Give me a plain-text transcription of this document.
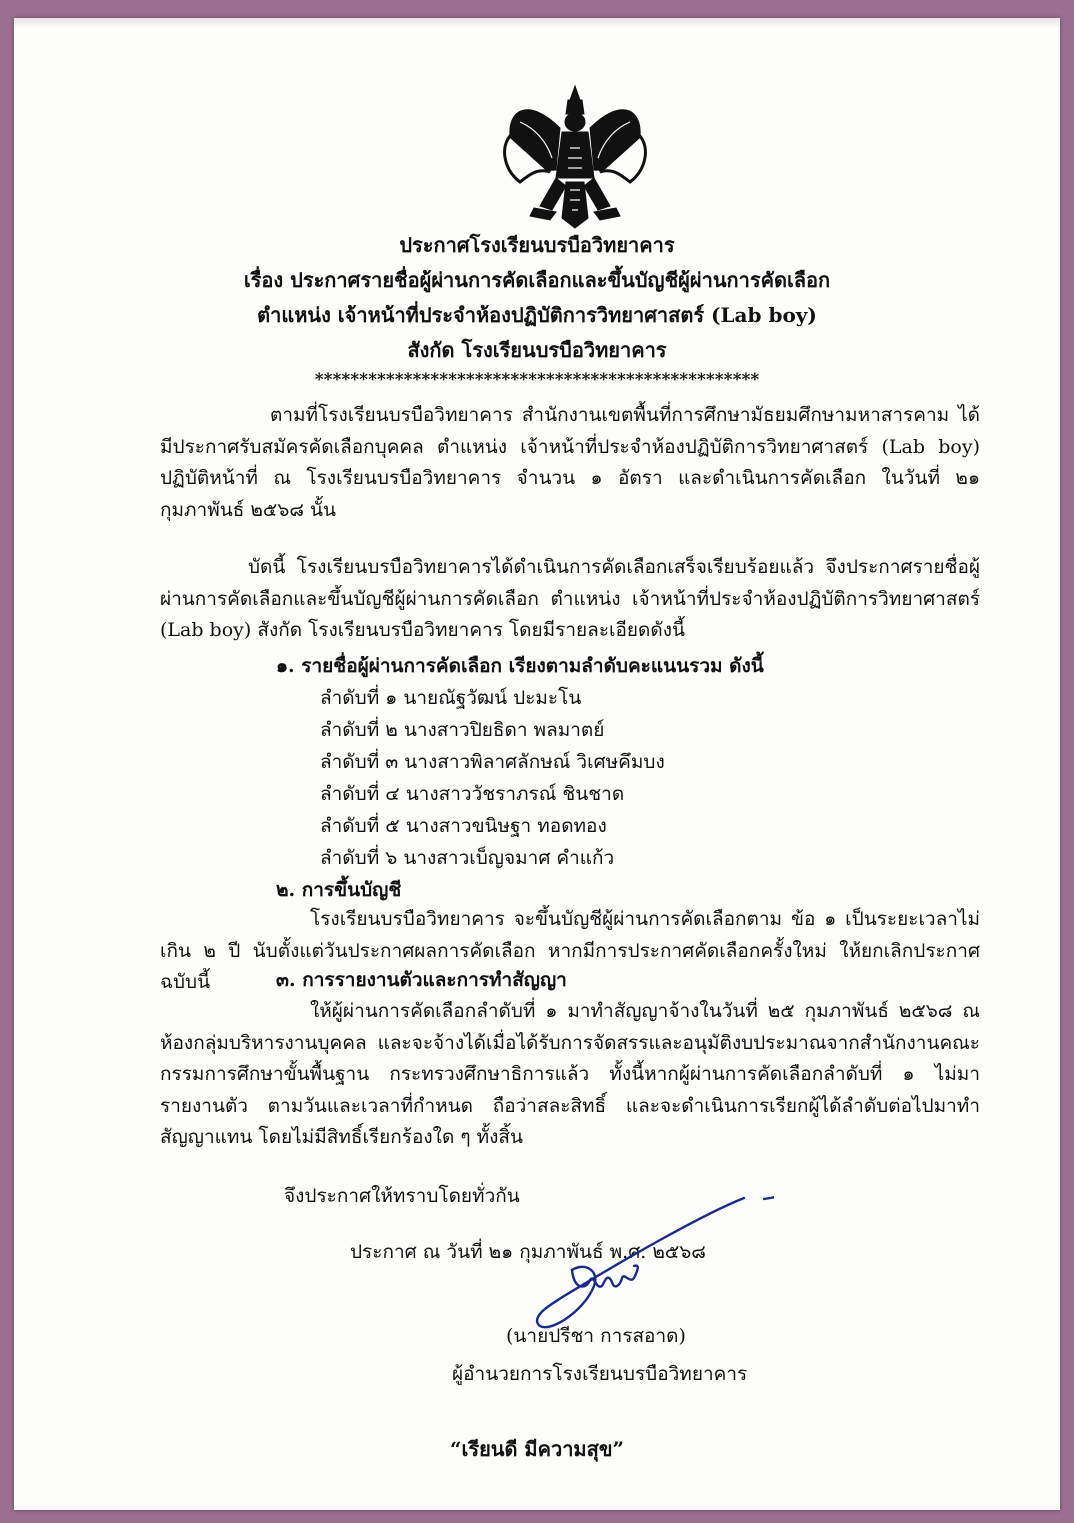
ประกาศโรงเรียนบรบือวิทยาคาร
เรื่อง ประกาศรายชื่อผู้ผ่านการคัดเลือกและขึ้นบัญชีผู้ผ่านการคัดเลือก
ตำแหน่ง เจ้าหน้าที่ประจำห้องปฏิบัติการวิทยาศาสตร์ (Lab boy)
สังกัด โรงเรียนบรบือวิทยาคาร
**************************************************
ตามที่โรงเรียนบรบือวิทยาคาร สำนักงานเขตพื้นที่การศึกษามัธยมศึกษามหาสารคาม ได้มีประกาศรับสมัครคัดเลือกบุคคล ตำแหน่ง เจ้าหน้าที่ประจำห้องปฏิบัติการวิทยาศาสตร์ (Lab boy) ปฏิบัติหน้าที่ ณ โรงเรียนบรบือวิทยาคาร จำนวน ๑ อัตรา และดำเนินการคัดเลือก ในวันที่ ๒๑ กุมภาพันธ์ ๒๕๖๘ นั้น
บัดนี้ โรงเรียนบรบือวิทยาคารได้ดำเนินการคัดเลือกเสร็จเรียบร้อยแล้ว จึงประกาศรายชื่อผู้ผ่านการคัดเลือกและขึ้นบัญชีผู้ผ่านการคัดเลือก ตำแหน่ง เจ้าหน้าที่ประจำห้องปฏิบัติการวิทยาศาสตร์ (Lab boy) สังกัด โรงเรียนบรบือวิทยาคาร โดยมีรายละเอียดดังนี้
๑. รายชื่อผู้ผ่านการคัดเลือก เรียงตามลำดับคะแนนรวม ดังนี้
ลำดับที่ ๑ นายณัฐวัฒน์ ปะมะโน
ลำดับที่ ๒ นางสาวปิยธิดา พลมาตย์
ลำดับที่ ๓ นางสาวพิลาศลักษณ์ วิเศษคึมบง
ลำดับที่ ๔ นางสาววัชราภรณ์ ชินชาด
ลำดับที่ ๕ นางสาวขนิษฐา ทอดทอง
ลำดับที่ ๖ นางสาวเบ็ญจมาศ คำแก้ว
๒. การขึ้นบัญชี
โรงเรียนบรบือวิทยาคาร จะขึ้นบัญชีผู้ผ่านการคัดเลือกตาม ข้อ ๑ เป็นระยะเวลาไม่เกิน ๒ ปี นับตั้งแต่วันประกาศผลการคัดเลือก หากมีการประกาศคัดเลือกครั้งใหม่ ให้ยกเลิกประกาศฉบับนี้	๓. การรายงานตัวและการทำสัญญา
ให้ผู้ผ่านการคัดเลือกลำดับที่ ๑ มาทำสัญญาจ้างในวันที่ ๒๕ กุมภาพันธ์ ๒๕๖๘ ณ ห้องกลุ่มบริหารงานบุคคล และจะจ้างได้เมื่อได้รับการจัดสรรและอนุมัติงบประมาณจากสำนักงานคณะกรรมการศึกษาขั้นพื้นฐาน กระทรวงศึกษาธิการแล้ว ทั้งนี้หากผู้ผ่านการคัดเลือกลำดับที่ ๑ ไม่มารายงานตัว ตามวันและเวลาที่กำหนด ถือว่าสละสิทธิ์ และจะดำเนินการเรียกผู้ได้ลำดับต่อไปมาทำสัญญาแทน โดยไม่มีสิทธิ์เรียกร้องใด ๆ ทั้งสิ้น
จึงประกาศให้ทราบโดยทั่วกัน
ประกาศ ณ วันที่ ๒๑ กุมภาพันธ์ พ.ศ. ๒๕๖๘
(นายปรีชา การสอาด)
ผู้อำนวยการโรงเรียนบรบือวิทยาคาร
“เรียนดี มีความสุข”
